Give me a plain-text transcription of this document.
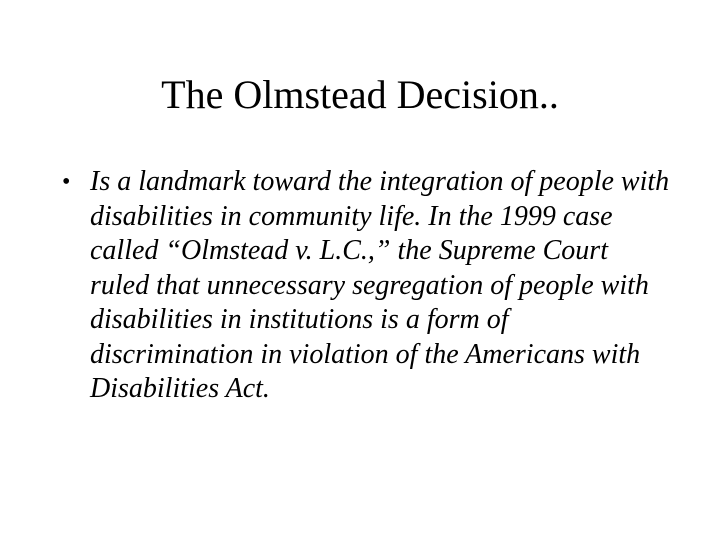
The Olmstead Decision..
• Is a landmark toward the integration of people with disabilities in community life. In the 1999 case called “Olmstead v. L.C.,” the Supreme Court ruled that unnecessary segregation of people with disabilities in institutions is a form of discrimination in violation of the Americans with Disabilities Act.
